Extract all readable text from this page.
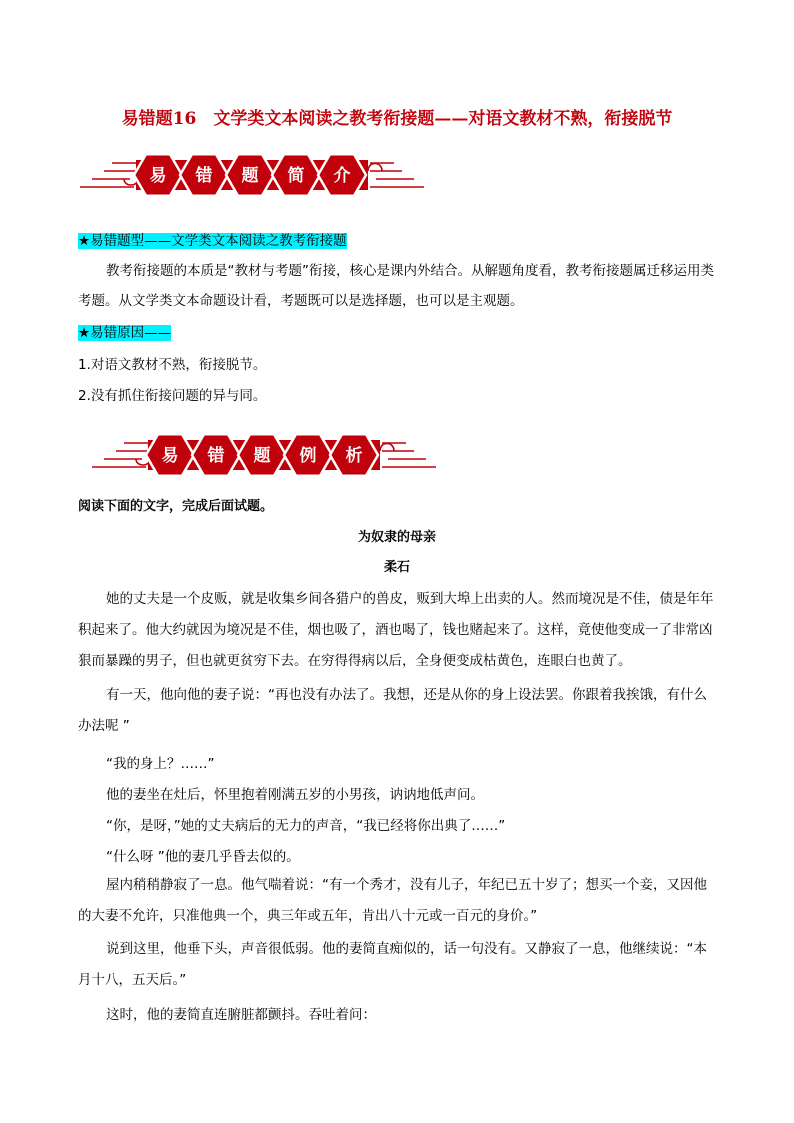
易错题16　文学类文本阅读之教考衔接题——对语文教材不熟，衔接脱节
易 错 题 简 介
★易错题型——文学类文本阅读之教考衔接题
教考衔接题的本质是“教材与考题”衔接，核心是课内外结合。从解题角度看，教考衔接题属迁移运用类考题。从文学类文本命题设计看，考题既可以是选择题，也可以是主观题。
★易错原因——
1.对语文教材不熟，衔接脱节。
2.没有抓住衔接问题的异与同。
易 错 题 例 析
阅读下面的文字，完成后面试题。
为奴隶的母亲
柔石
她的丈夫是一个皮贩，就是收集乡间各猎户的兽皮，贩到大埠上出卖的人。然而境况是不佳，债是年年积起来了。他大约就因为境况是不佳，烟也吸了，酒也喝了，钱也赌起来了。这样，竟使他变成一了非常凶狠而暴躁的男子，但也就更贫穷下去。在穷得得病以后，全身便变成枯黄色，连眼白也黄了。
有一天，他向他的妻子说：“再也没有办法了。我想，还是从你的身上设法罢。你跟着我挨饿，有什么办法呢 ”
“我的身上？……”
他的妻坐在灶后，怀里抱着刚满五岁的小男孩，讷讷地低声问。
“你，是呀，”她的丈夫病后的无力的声音，“我已经将你出典了……”
“什么呀 ”他的妻几乎昏去似的。
屋内稍稍静寂了一息。他气喘着说：“有一个秀才，没有儿子，年纪已五十岁了；想买一个妾，又因他的大妻不允许，只准他典一个，典三年或五年，肯出八十元或一百元的身价。”
说到这里，他垂下头，声音很低弱。他的妻简直痴似的，话一句没有。又静寂了一息，他继续说：“本月十八，五天后。”
这时，他的妻简直连腑脏都颤抖。吞吐着问：
